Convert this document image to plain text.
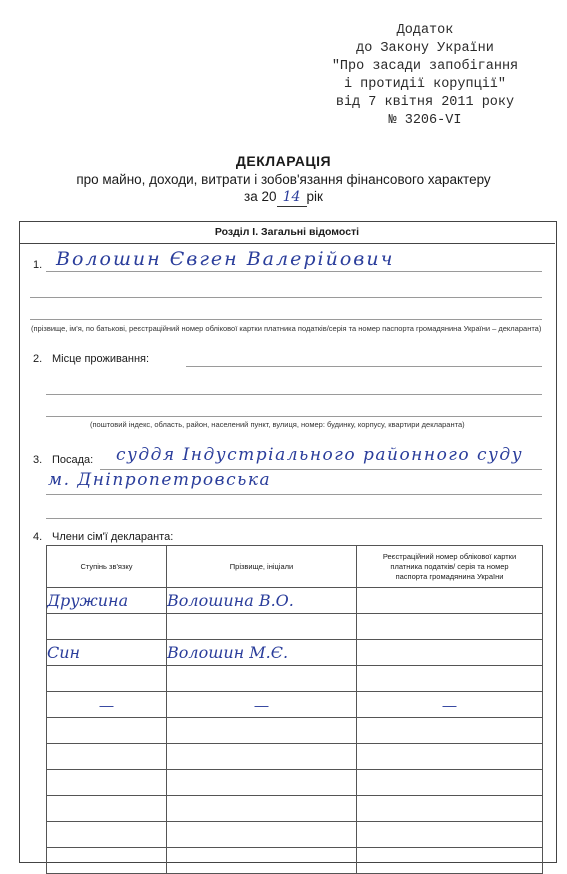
Додаток
до Закону України
"Про засади запобігання
і протидії корупції"
від 7 квітня 2011 року
№ 3206-VI
ДЕКЛАРАЦІЯ
про майно, доходи, витрати і зобов'язання фінансового характеру
за 20 14 рік
Розділ І. Загальні відомості
1. Волошин Євген Валерійович
(прізвище, ім'я, по батькові, реєстраційний номер облікової картки платника податків/серія та номер паспорта громадянина України – декларанта)
2. Місце проживання:
(поштовий індекс, область, район, населений пункт, вулиця, номер: будинку, корпусу, квартири декларанта)
3. Посада: суддя Індустріального районного суду
м. Дніпропетровська
4. Члени сім'ї декларанта:
Ступінь зв'язку	Прізвище, ініціали	Реєстраційний номер облікової картки платника податків/ серія та номер паспорта громадянина України
Дружина	Волошина В.О.	

Син	Волошин М.Є.	

—	—	—
